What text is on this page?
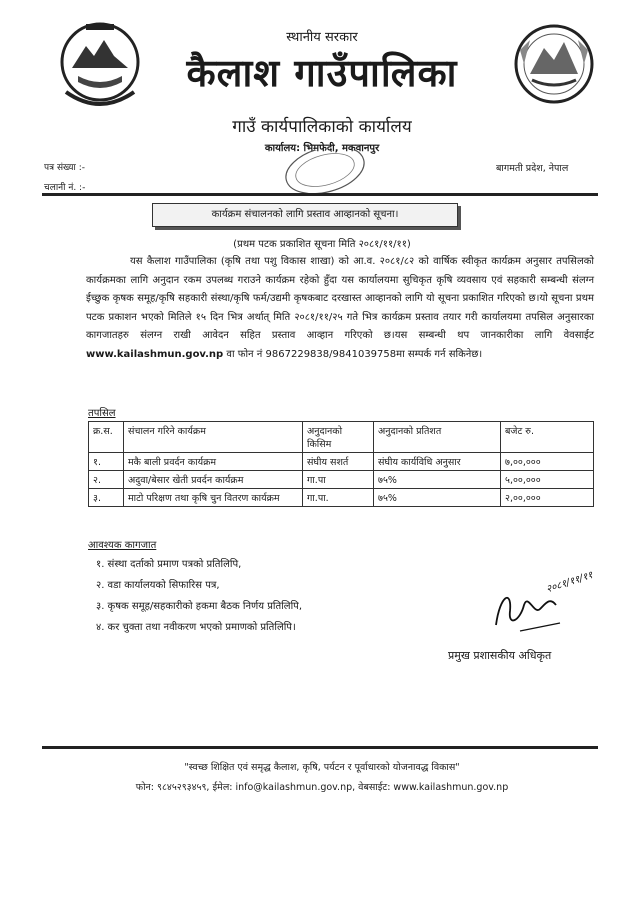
स्थानीय सरकार
कैलाश गाउँपालिका
गाउँ कार्यपालिकाको कार्यालय
कार्यालय: भिमफेदी, मकवानपुर
पत्र संख्या :-
चलानी नं. :-
बागमती प्रदेश, नेपाल
कार्यक्रम संचालनको लागि प्रस्ताव आव्हानको सूचना।
(प्रथम पटक प्रकाशित सूचना मिति २०८१/११/११)
यस कैलाश गाउँपालिका (कृषि तथा पशु विकास शाखा) को आ.व. २०८१/८२ को वार्षिक स्वीकृत कार्यक्रम अनुसार तपसिलको कार्यक्रमका लागि अनुदान रकम उपलब्ध गराउने कार्यक्रम रहेको हुँदा यस कार्यालयमा सुचिकृत कृषि व्यवसाय एवं सहकारी सम्बन्धी संलग्न ईच्छुक कृषक समूह/कृषि सहकारी संस्था/कृषि फर्म/उद्यमी कृषकबाट दरखास्त आव्हानको लागि यो सूचना प्रकाशित गरिएको छ।यो सूचना प्रथम पटक प्रकाशन भएको मितिले १५ दिन भित्र अर्थात् मिति २०८१/११/२५ गते भित्र कार्यक्रम प्रस्ताव तयार गरी कार्यालयमा तपसिल अनुसारका कागजातहरु संलग्न राखी आवेदन सहित प्रस्ताव आव्हान गरिएको छ।यस सम्बन्धी थप जानकारीका लागि वेवसाईट www.kailashmun.gov.np वा फोन नं 9867229838/9841039758मा सम्पर्क गर्न सकिनेछ।
तपसिल
क्र.स.	संचालन गरिने कार्यक्रम	अनुदानको किसिम	अनुदानको प्रतिशत	बजेट रु.
१.	मकै बाली प्रवर्दन कार्यक्रम	संघीय सशर्त	संघीय कार्यविधि अनुसार	७,००,०००
२.	अदुवा/बेसार खेती प्रवर्दन कार्यक्रम	गा.पा	७५%	५,००,०००
३.	माटो परिक्षण तथा कृषि चुन वितरण कार्यक्रम	गा.पा.	७५%	२,००,०००
आवश्यक कागजात
१. संस्था दर्ताको प्रमाण पत्रको प्रतिलिपि,
२. वडा कार्यालयको सिफारिस पत्र,
३. कृषक समूह/सहकारीको हकमा बैठक निर्णय प्रतिलिपि,
४. कर चुक्ता तथा नवीकरण भएको प्रमाणको प्रतिलिपि।
२०८१/११/११
प्रमुख प्रशासकीय अधिकृत
"स्वच्छ शिक्षित एवं समृद्ध कैलाश, कृषि, पर्यटन र पूर्वाधारको योजनावद्ध विकास"
फोन: ९८४५२९३४५९, ईमेल: info@kailashmun.gov.np, वेबसाईट: www.kailashmun.gov.np
